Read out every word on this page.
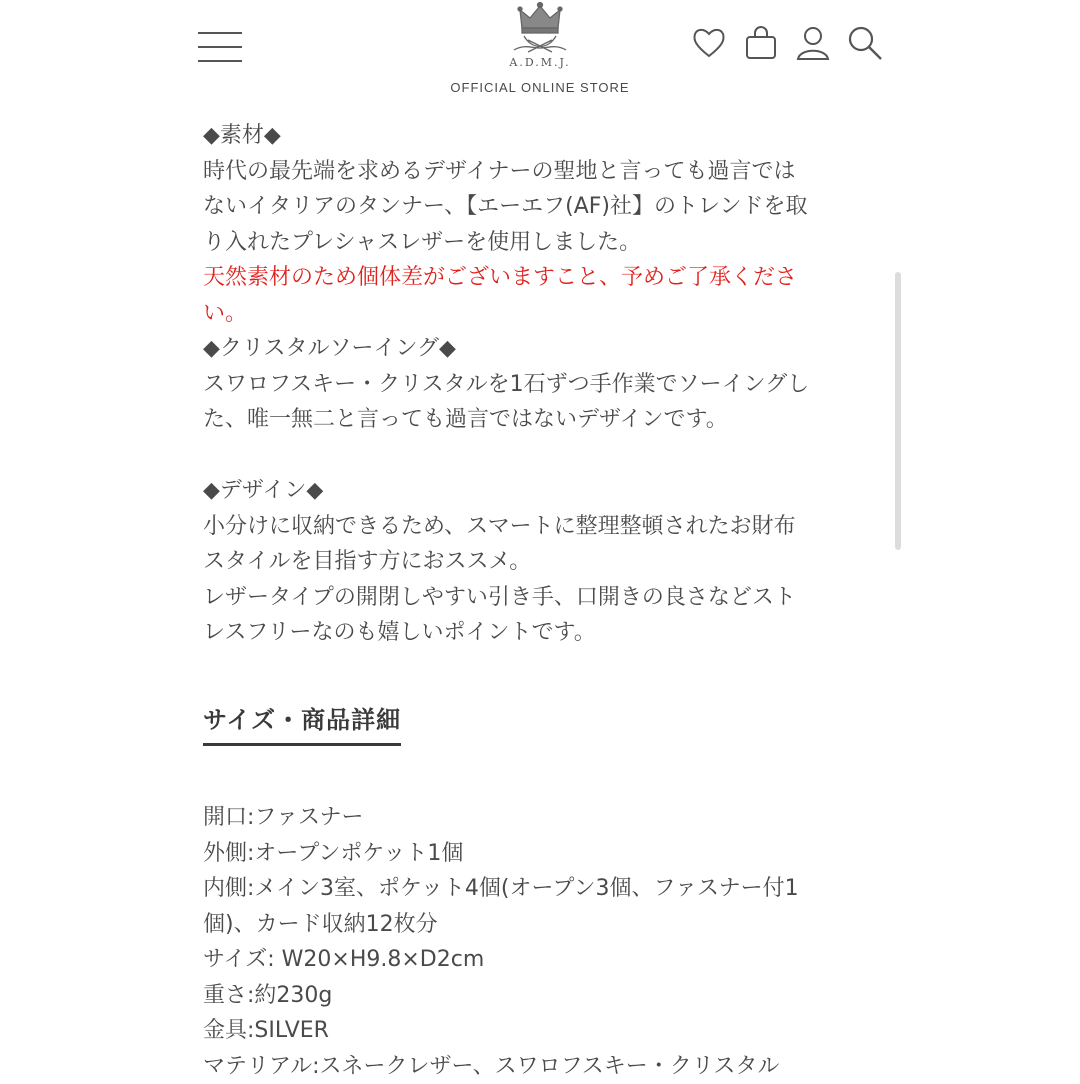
A.D.M.J.
OFFICIAL ONLINE STORE
◆素材◆
時代の最先端を求めるデザイナーの聖地と言っても過言では
ないイタリアのタンナー、【エーエフ(AF)社】のトレンドを取
り入れたプレシャスレザーを使用しました。
天然素材のため個体差がございますこと、予めご了承くださ
い。
◆クリスタルソーイング◆
スワロフスキー・クリスタルを1石ずつ手作業でソーイングし
た、唯一無二と言っても過言ではないデザインです。
◆デザイン◆
小分けに収納できるため、スマートに整理整頓されたお財布
スタイルを目指す方におススメ。
レザータイプの開閉しやすい引き手、口開きの良さなどスト
レスフリーなのも嬉しいポイントです。
サイズ・商品詳細
開口:ファスナー
外側:オープンポケット1個
内側:メイン3室、ポケット4個(オープン3個、ファスナー付1
個)、カード収納12枚分
サイズ: W20×H9.8×D2cm
重さ:約230g
金具:SILVER
マテリアル:スネークレザー、スワロフスキー・クリスタル
